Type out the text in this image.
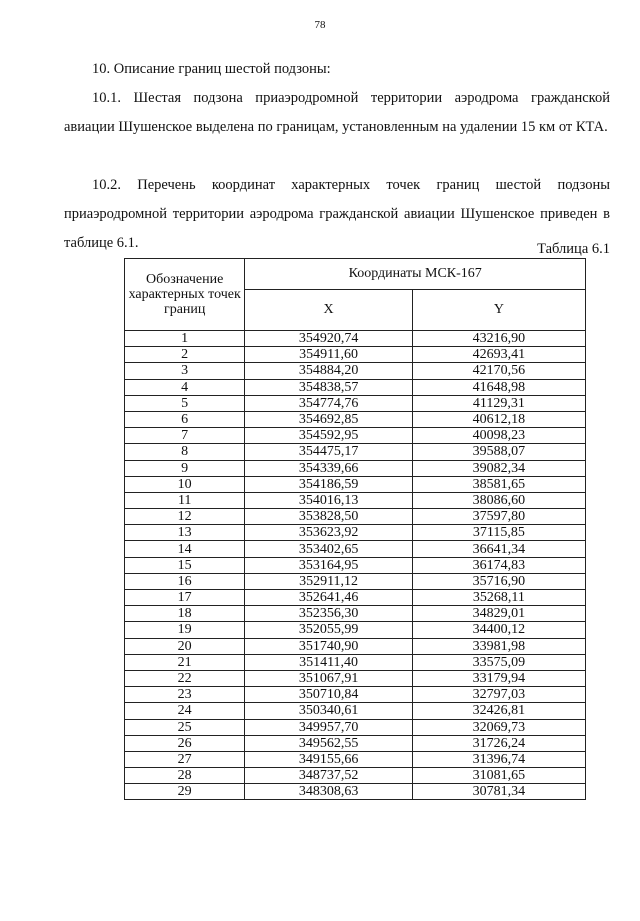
78
10. Описание границ шестой подзоны:
10.1. Шестая подзона приаэродромной территории аэродрома гражданской авиации Шушенское выделена по границам, установленным на удалении 15 км от КТА.
10.2. Перечень координат характерных точек границ шестой подзоны приаэродромной территории аэродрома гражданской авиации Шушенское приведен в таблице 6.1.	Таблица 6.1
Обозначение характерных точек границ	Координаты МСК-167	
	X	Y
1	354920,74	43216,90
2	354911,60	42693,41
3	354884,20	42170,56
4	354838,57	41648,98
5	354774,76	41129,31
6	354692,85	40612,18
7	354592,95	40098,23
8	354475,17	39588,07
9	354339,66	39082,34
10	354186,59	38581,65
11	354016,13	38086,60
12	353828,50	37597,80
13	353623,92	37115,85
14	353402,65	36641,34
15	353164,95	36174,83
16	352911,12	35716,90
17	352641,46	35268,11
18	352356,30	34829,01
19	352055,99	34400,12
20	351740,90	33981,98
21	351411,40	33575,09
22	351067,91	33179,94
23	350710,84	32797,03
24	350340,61	32426,81
25	349957,70	32069,73
26	349562,55	31726,24
27	349155,66	31396,74
28	348737,52	31081,65
29	348308,63	30781,34
